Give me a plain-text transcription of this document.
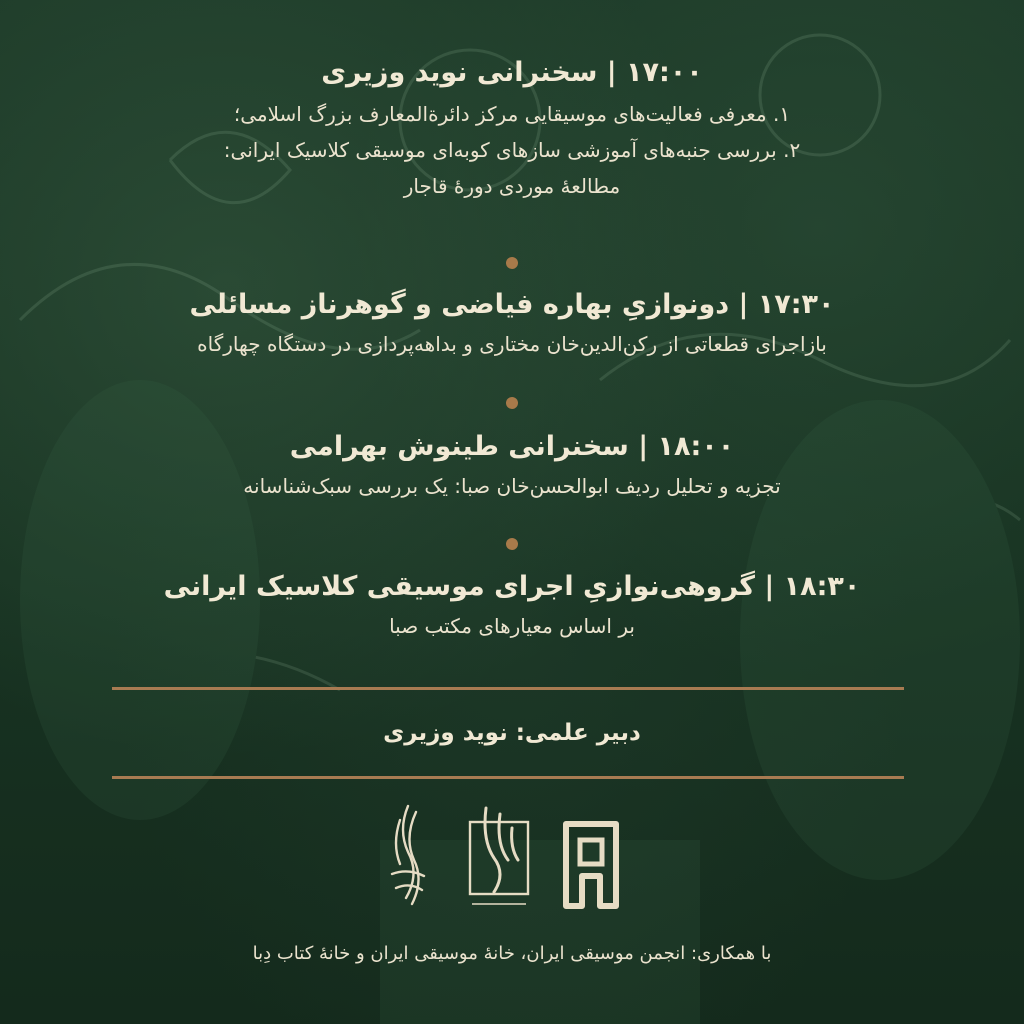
۱۷:۰۰ | سخنرانی نوید وزیری
۱. معرفی فعالیت‌های موسیقایی مرکز دائرةالمعارف بزرگ اسلامی؛
۲. بررسی جنبه‌های آموزشی سازهای کوبه‌ای موسیقی کلاسیک ایرانی:
مطالعهٔ موردی دورهٔ قاجار
۱۷:۳۰ | دونوازیِ بهاره فیاضی و گوهرناز مسائلی
بازاجرای قطعاتی از رکن‌الدین‌خان مختاری و بداهه‌پردازی در دستگاه چهارگاه
۱۸:۰۰ | سخنرانی طینوش بهرامی
تجزیه و تحلیل ردیف ابوالحسن‌خان صبا: یک بررسی سبک‌شناسانه
۱۸:۳۰ | گروهی‌نوازیِ اجرای موسیقی کلاسیک ایرانی
بر اساس معیارهای مکتب صبا
دبیر علمی: نوید وزیری
با همکاری: انجمن موسیقی ایران، خانهٔ موسیقی ایران و خانهٔ کتاب دِبا
